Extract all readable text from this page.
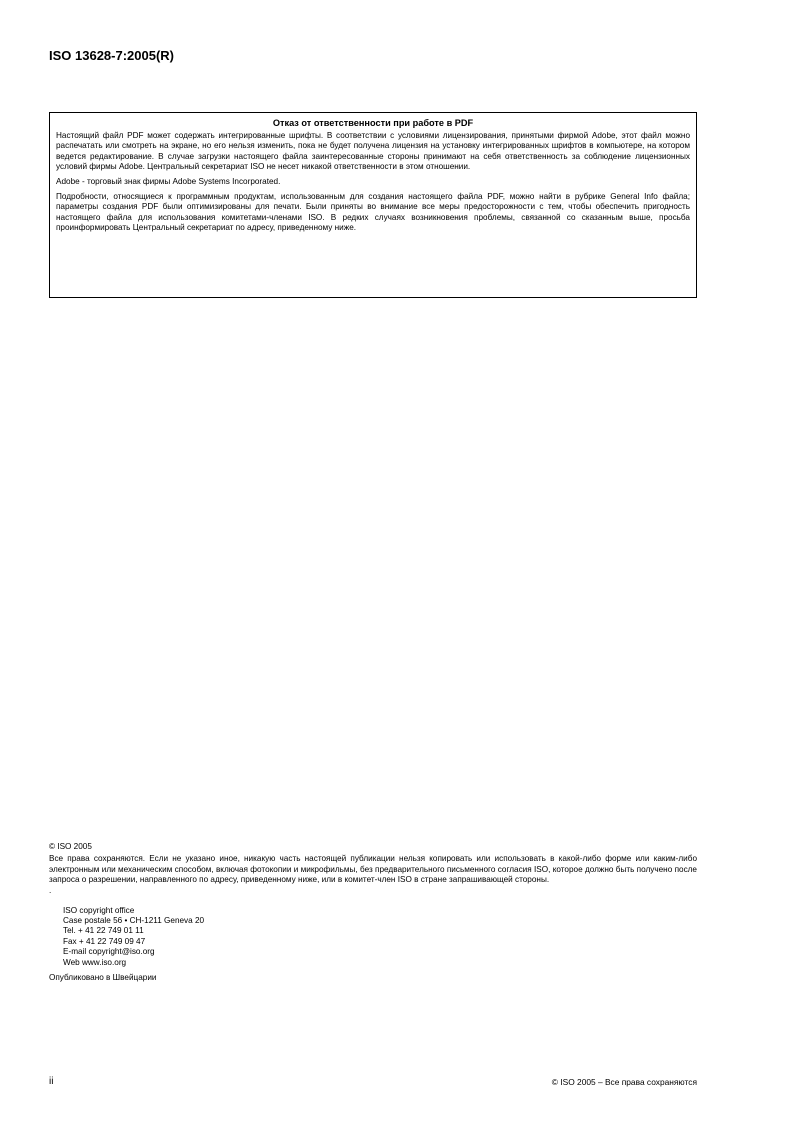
ISO 13628-7:2005(R)
Отказ от ответственности при работе в PDF

Настоящий файл PDF может содержать интегрированные шрифты. В соответствии с условиями лицензирования, принятыми фирмой Adobe, этот файл можно распечатать или смотреть на экране, но его нельзя изменить, пока не будет получена лицензия на установку интегрированных шрифтов в компьютере, на котором ведется редактирование. В случае загрузки настоящего файла заинтересованные стороны принимают на себя ответственность за соблюдение лицензионных условий фирмы Adobe. Центральный секретариат ISO не несет никакой ответственности в этом отношении.

Adobe - торговый знак фирмы Adobe Systems Incorporated.

Подробности, относящиеся к программным продуктам, использованным для создания настоящего файла PDF, можно найти в рубрике General Info файла; параметры создания PDF были оптимизированы для печати. Были приняты во внимание все меры предосторожности с тем, чтобы обеспечить пригодность настоящего файла для использования комитетами-членами ISO. В редких случаях возникновения проблемы, связанной со сказанным выше, просьба проинформировать Центральный секретариат по адресу, приведенному ниже.

© ISO 2005

Все права сохраняются. Если не указано иное, никакую часть настоящей публикации нельзя копировать или использовать в какой-либо форме или каким-либо электронным или механическим способом, включая фотокопии и микрофильмы, без предварительного письменного согласия ISO, которое должно быть получено после запроса о разрешении, направленного по адресу, приведенному ниже, или в комитет-член ISO в стране запрашивающей стороны.

.

ISO copyright office
Case postale 56 • CH-1211 Geneva 20
Tel. + 41 22 749 01 11
Fax + 41 22 749 09 47
E-mail copyright@iso.org
Web www.iso.org

Опубликовано в Швейцарии

ii	© ISO 2005 – Все права сохраняются
